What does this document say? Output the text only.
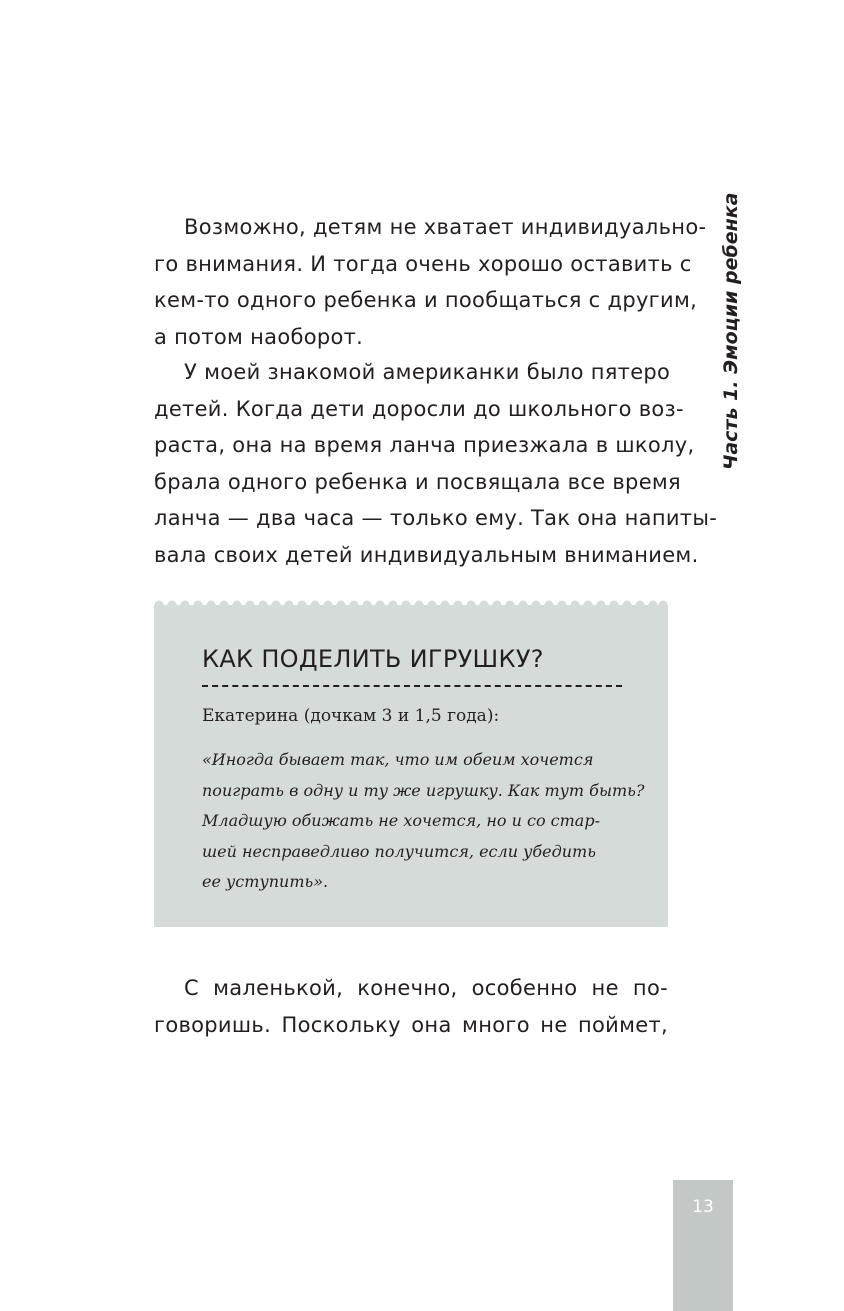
Часть 1. Эмоции ребенка
Возможно, детям не хватает индивидуально-
го внимания. И тогда очень хорошо оставить с
кем-то одного ребенка и пообщаться с другим,
а потом наоборот.
У моей знакомой американки было пятеро
детей. Когда дети доросли до школьного воз-
раста, она на время ланча приезжала в школу,
брала одного ребенка и посвящала все время
ланча — два часа — только ему. Так она напиты-
вала своих детей индивидуальным вниманием.
КАК ПОДЕЛИТЬ ИГРУШКУ?
Екатерина (дочкам 3 и 1,5 года):
«Иногда бывает так, что им обеим хочется
поиграть в одну и ту же игрушку. Как тут быть?
Младшую обижать не хочется, но и со стар-
шей несправедливо получится, если убедить
ее уступить».
С маленькой, конечно, особенно не по-
говоришь. Поскольку она много не поймет,
13
